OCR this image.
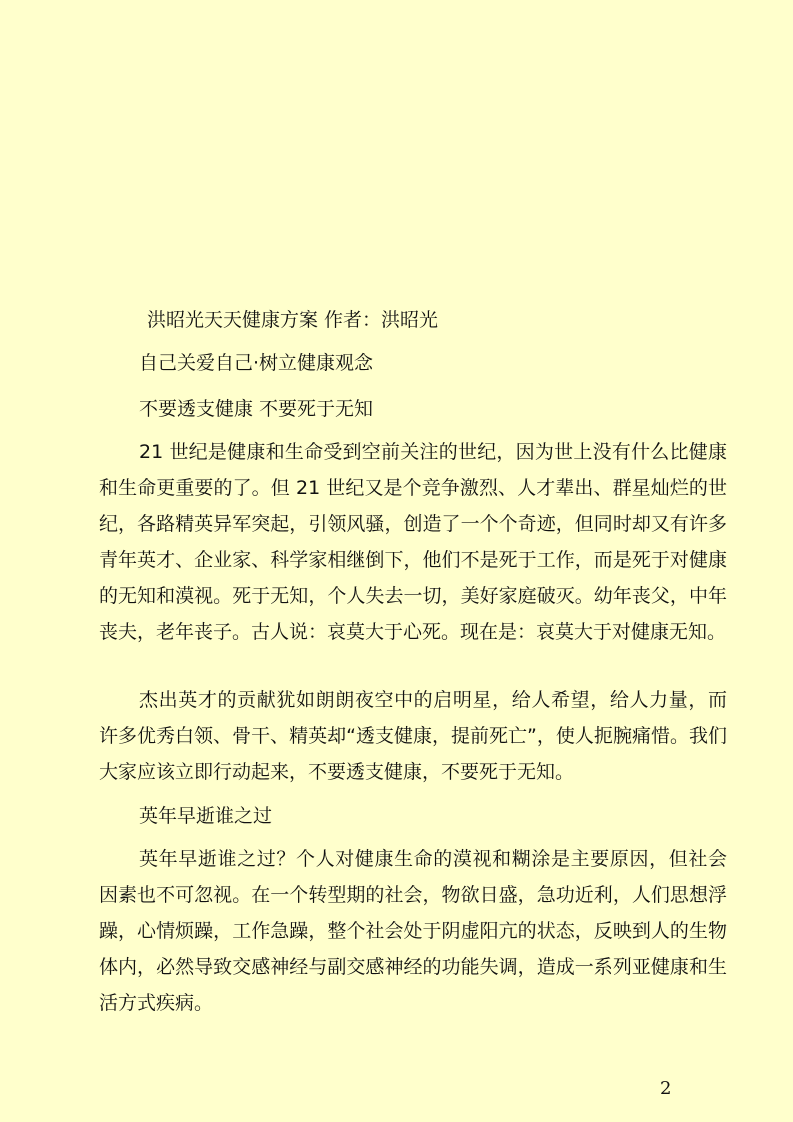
洪昭光天天健康方案 作者：洪昭光

自己关爱自己·树立健康观念

不要透支健康 不要死于无知

21 世纪是健康和生命受到空前关注的世纪，因为世上没有什么比健康和生命更重要的了。但 21 世纪又是个竞争激烈、人才辈出、群星灿烂的世纪，各路精英异军突起，引领风骚，创造了一个个奇迹，但同时却又有许多青年英才、企业家、科学家相继倒下，他们不是死于工作，而是死于对健康的无知和漠视。死于无知，个人失去一切，美好家庭破灭。幼年丧父，中年丧夫，老年丧子。古人说：哀莫大于心死。现在是：哀莫大于对健康无知。

杰出英才的贡献犹如朗朗夜空中的启明星，给人希望，给人力量，而许多优秀白领、骨干、精英却“透支健康，提前死亡”，使人扼腕痛惜。我们大家应该立即行动起来，不要透支健康，不要死于无知。

英年早逝谁之过

英年早逝谁之过？个人对健康生命的漠视和糊涂是主要原因，但社会因素也不可忽视。在一个转型期的社会，物欲日盛，急功近利，人们思想浮躁，心情烦躁，工作急躁，整个社会处于阴虚阳亢的状态，反映到人的生物体内，必然导致交感神经与副交感神经的功能失调，造成一系列亚健康和生活方式疾病。

2
